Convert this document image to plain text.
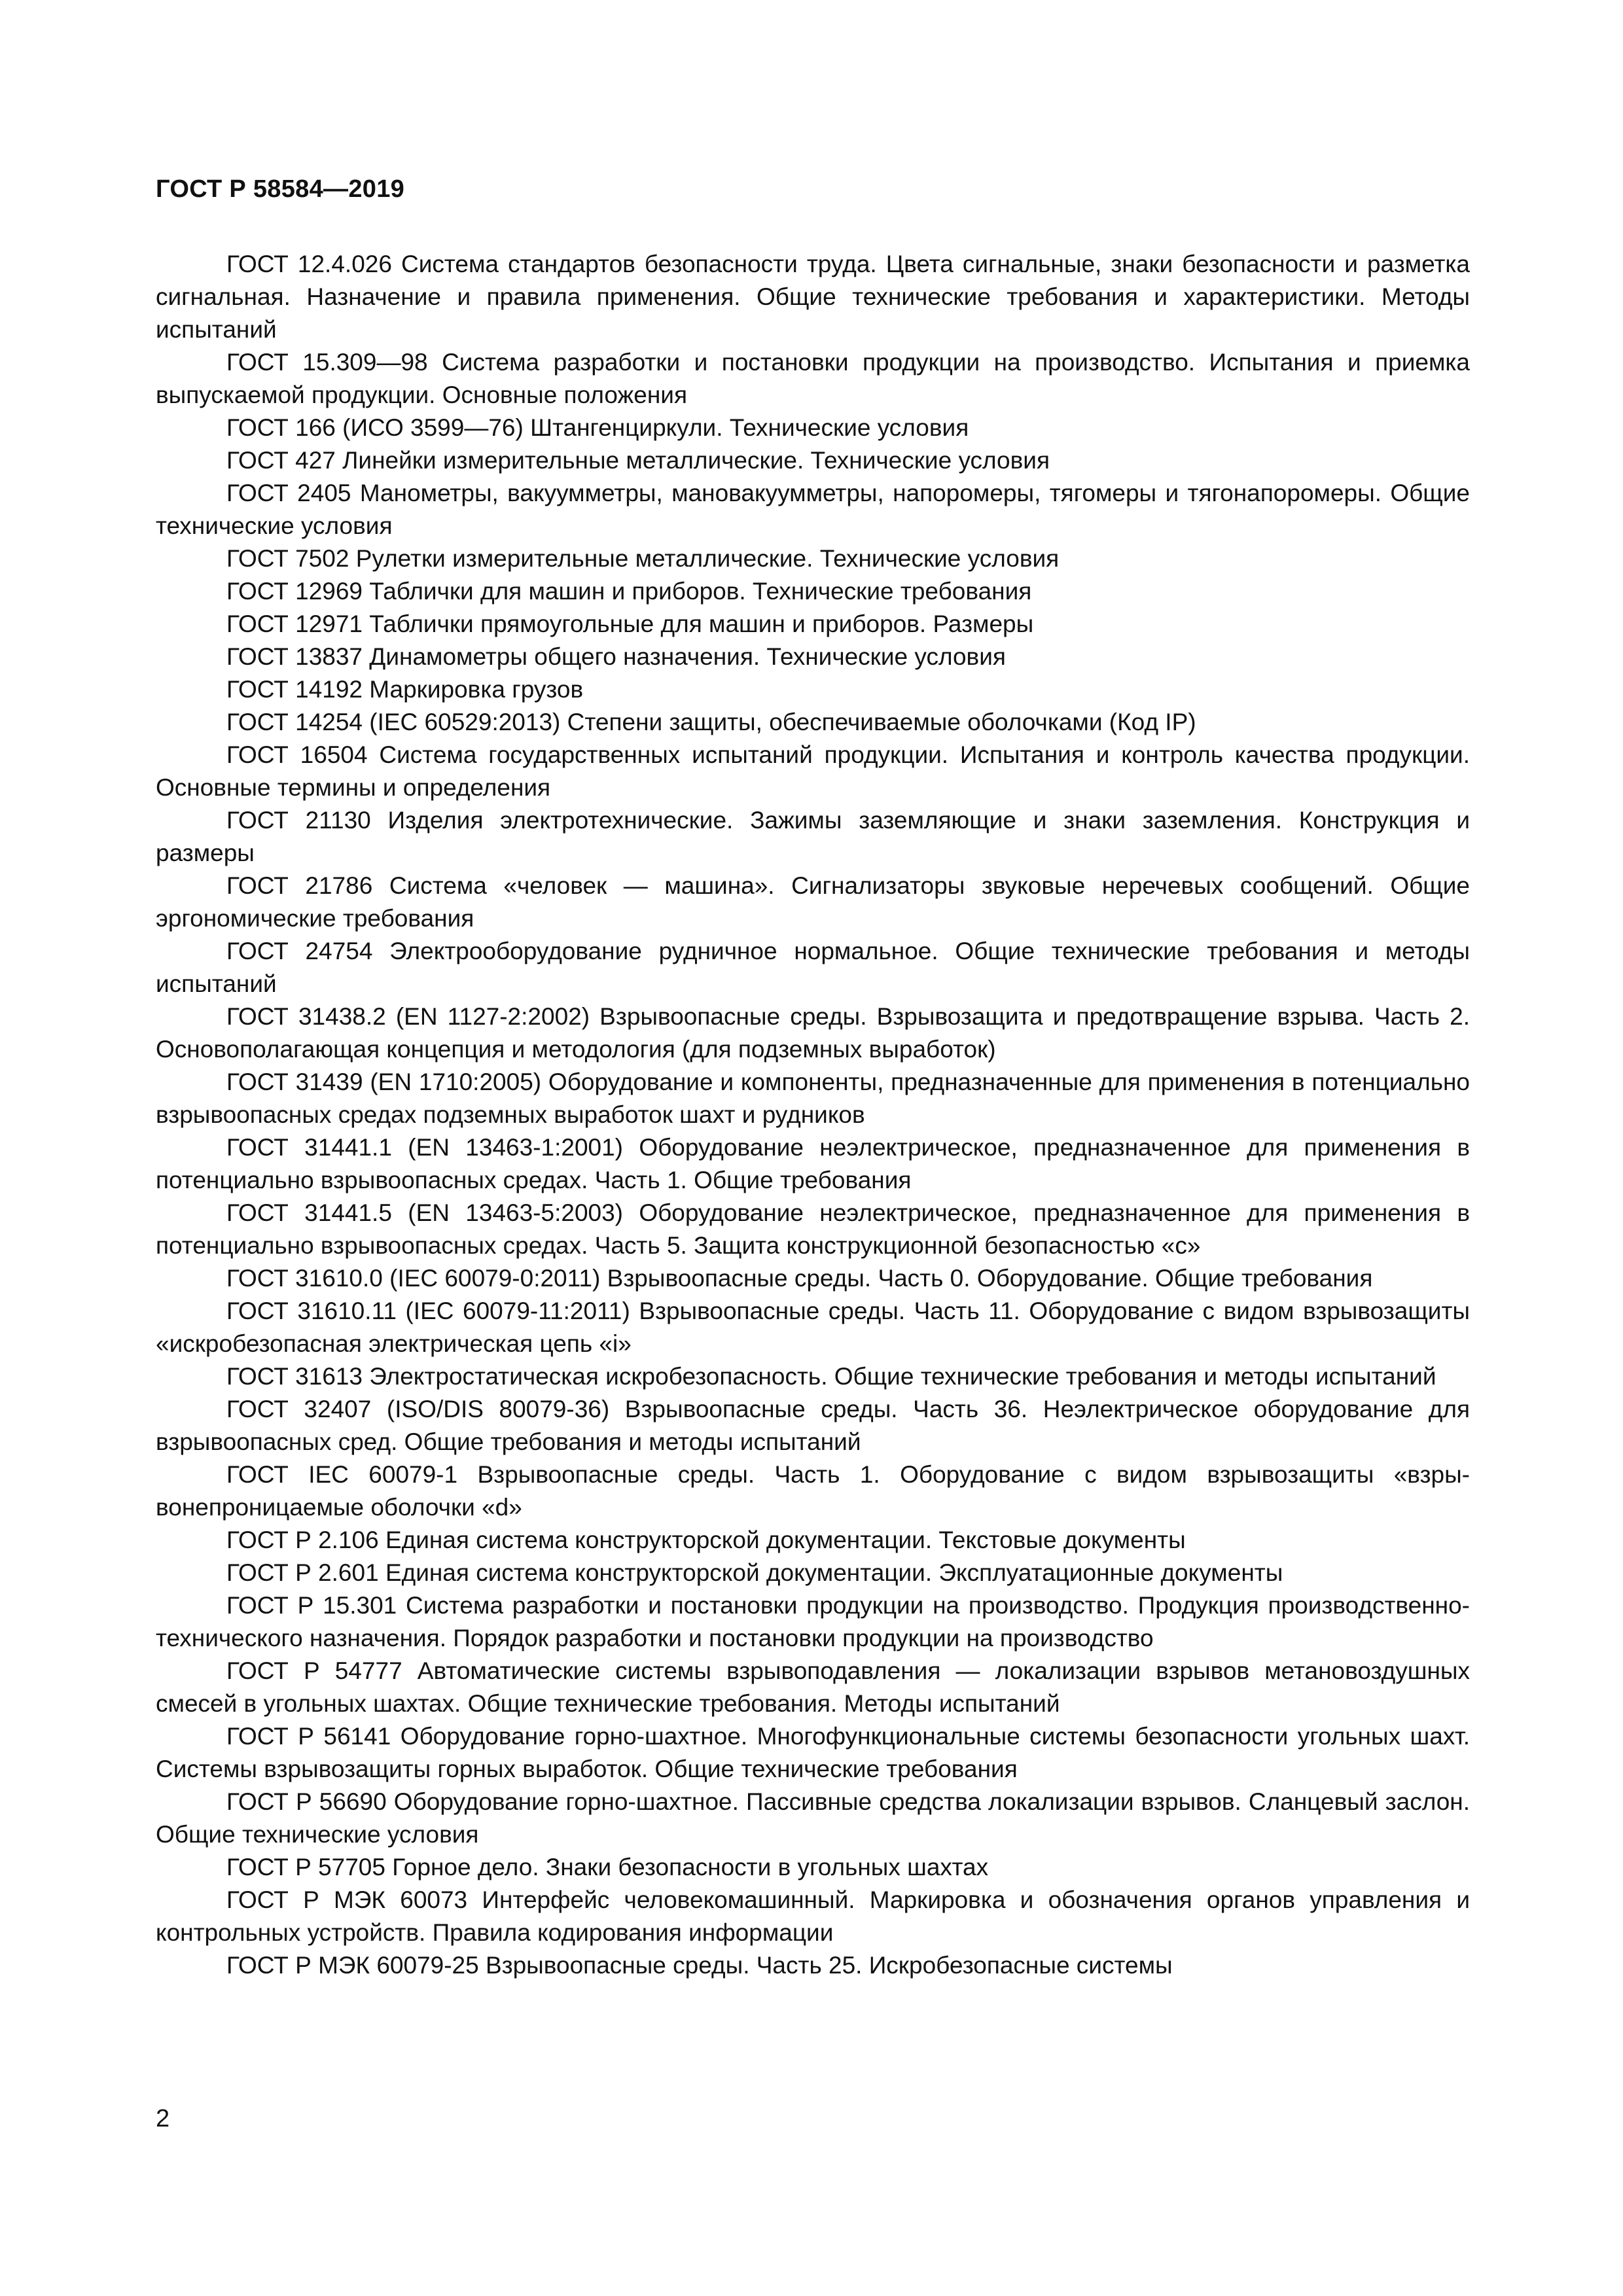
ГОСТ Р 58584—2019
ГОСТ 12.4.026 Система стандартов безопасности труда. Цвета сигнальные, знаки безопасности и разметка сигнальная. Назначение и правила применения. Общие технические требования и характеристики. Методы испытаний
ГОСТ 15.309—98 Система разработки и постановки продукции на производство. Испытания и приемка выпускаемой продукции. Основные положения
ГОСТ 166 (ИСО 3599—76) Штангенциркули. Технические условия
ГОСТ 427 Линейки измерительные металлические. Технические условия
ГОСТ 2405 Манометры, вакуумметры, мановакуумметры, напоромеры, тягомеры и тягонапоромеры. Общие технические условия
ГОСТ 7502 Рулетки измерительные металлические. Технические условия
ГОСТ 12969 Таблички для машин и приборов. Технические требования
ГОСТ 12971 Таблички прямоугольные для машин и приборов. Размеры
ГОСТ 13837 Динамометры общего назначения. Технические условия
ГОСТ 14192 Маркировка грузов
ГОСТ 14254 (IEC 60529:2013) Степени защиты, обеспечиваемые оболочками (Код IP)
ГОСТ 16504 Система государственных испытаний продукции. Испытания и контроль качества продукции. Основные термины и определения
ГОСТ 21130 Изделия электротехнические. Зажимы заземляющие и знаки заземления. Конструкция и размеры
ГОСТ 21786 Система «человек — машина». Сигнализаторы звуковые неречевых сообщений. Общие эргономические требования
ГОСТ 24754 Электрооборудование рудничное нормальное. Общие технические требования и методы испытаний
ГОСТ 31438.2 (EN 1127-2:2002) Взрывоопасные среды. Взрывозащита и предотвращение взрыва. Часть 2. Основополагающая концепция и методология (для подземных выработок)
ГОСТ 31439 (EN 1710:2005) Оборудование и компоненты, предназначенные для применения в потенциально взрывоопасных средах подземных выработок шахт и рудников
ГОСТ 31441.1 (EN 13463-1:2001) Оборудование неэлектрическое, предназначенное для применения в потенциально взрывоопасных средах. Часть 1. Общие требования
ГОСТ 31441.5 (EN 13463-5:2003) Оборудование неэлектрическое, предназначенное для применения в потенциально взрывоопасных средах. Часть 5. Защита конструкционной безопасностью «с»
ГОСТ 31610.0 (IEC 60079-0:2011) Взрывоопасные среды. Часть 0. Оборудование. Общие требования
ГОСТ 31610.11 (IEC 60079-11:2011) Взрывоопасные среды. Часть 11. Оборудование с видом взрывозащиты «искробезопасная электрическая цепь «i»
ГОСТ 31613 Электростатическая искробезопасность. Общие технические требования и методы испытаний
ГОСТ 32407 (ISO/DIS 80079-36) Взрывоопасные среды. Часть 36. Неэлектрическое оборудование для взрывоопасных сред. Общие требования и методы испытаний
ГОСТ IEC 60079-1 Взрывоопасные среды. Часть 1. Оборудование с видом взрывозащиты «взрывонепроницаемые оболочки «d»
ГОСТ Р 2.106 Единая система конструкторской документации. Текстовые документы
ГОСТ Р 2.601 Единая система конструкторской документации. Эксплуатационные документы
ГОСТ Р 15.301 Система разработки и постановки продукции на производство. Продукция производственно-технического назначения. Порядок разработки и постановки продукции на производство
ГОСТ Р 54777 Автоматические системы взрывоподавления — локализации взрывов метановоздушных смесей в угольных шахтах. Общие технические требования. Методы испытаний
ГОСТ Р 56141 Оборудование горно-шахтное. Многофункциональные системы безопасности угольных шахт. Системы взрывозащиты горных выработок. Общие технические требования
ГОСТ Р 56690 Оборудование горно-шахтное. Пассивные средства локализации взрывов. Сланцевый заслон. Общие технические условия
ГОСТ Р 57705 Горное дело. Знаки безопасности в угольных шахтах
ГОСТ Р МЭК 60073 Интерфейс человекомашинный. Маркировка и обозначения органов управления и контрольных устройств. Правила кодирования информации
ГОСТ Р МЭК 60079-25 Взрывоопасные среды. Часть 25. Искробезопасные системы
2
